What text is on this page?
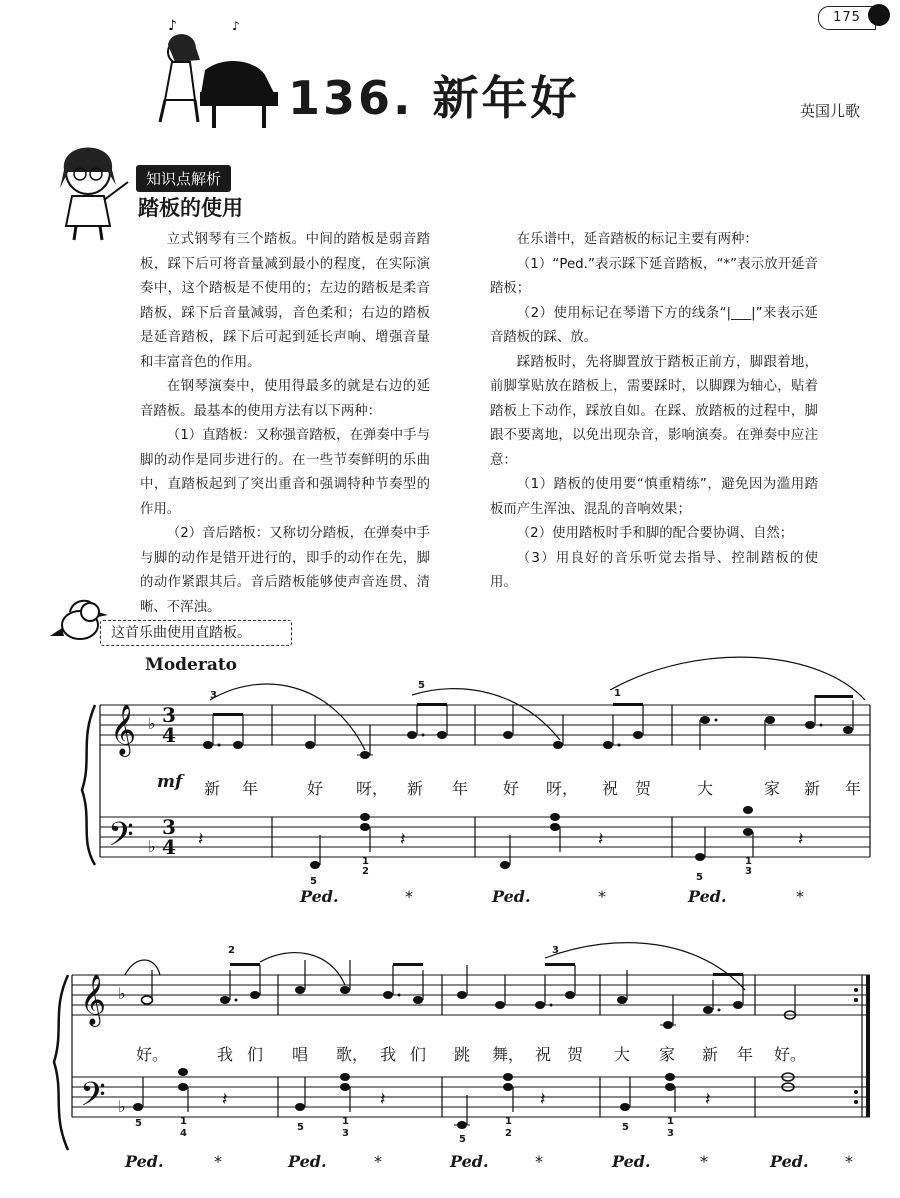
175
♪	♪
𝄞 ♭ 3
4
𝄢 ♭
3
4	𝄽
𝄽	𝄽	𝄽
𝄞 ♭
𝄢 ♭	𝄽	𝄽	𝄽	𝄽
136. 新年好	英国儿歌
知识点解析
踏板的使用

立式钢琴有三个踏板。中间的踏板是弱音踏板，踩下后可将音量减到最小的程度，在实际演奏中，这个踏板是不使用的；左边的踏板是柔音踏板，踩下后音量减弱，音色柔和；右边的踏板是延音踏板，踩下后可起到延长声响、增强音量和丰富音色的作用。

在钢琴演奏中，使用得最多的就是右边的延音踏板。最基本的使用方法有以下两种：

（1）直踏板：又称强音踏板，在弹奏中手与脚的动作是同步进行的。在一些节奏鲜明的乐曲中，直踏板起到了突出重音和强调特种节奏型的作用。

（2）音后踏板：又称切分踏板，在弹奏中手与脚的动作是错开进行的，即手的动作在先，脚的动作紧跟其后。音后踏板能够使声音连贯、清晰、不浑浊。

在乐谱中，延音踏板的标记主要有两种：

（1）“Ped.”表示踩下延音踏板，“*”表示放开延音踏板；

（2）使用标记在琴谱下方的线条“|___|”来表示延音踏板的踩、放。

踩踏板时，先将脚置放于踏板正前方，脚跟着地，前脚掌贴放在踏板上，需要踩时，以脚踝为轴心，贴着踏板上下动作，踩放自如。在踩、放踏板的过程中，脚跟不要离地，以免出现杂音，影响演奏。在弹奏中应注意：

（1）踏板的使用要“慎重精练”，避免因为滥用踏板而产生浑浊、混乱的音响效果；

（2）使用踏板时手和脚的配合要协调、自然；

（3）用良好的音乐听觉去指导、控制踏板的使用。

这首乐曲使用直踏板。
Moderato
mf	新	年	好	呀，	新	年	好	呀，	祝	贺	大	家	新	年
好。	我 们	唱	歌， 我 们	跳	舞， 祝 贺	大	家	新	年	好。
3
5
1
5
1
2
5
1
3
2	3
5	1
4
5
1
3
5
1
2
5
1
3
Ped.	*	Ped.	*	Ped.	*
Ped.	*	Ped.	*	Ped.	*	Ped.	*	Ped. *
